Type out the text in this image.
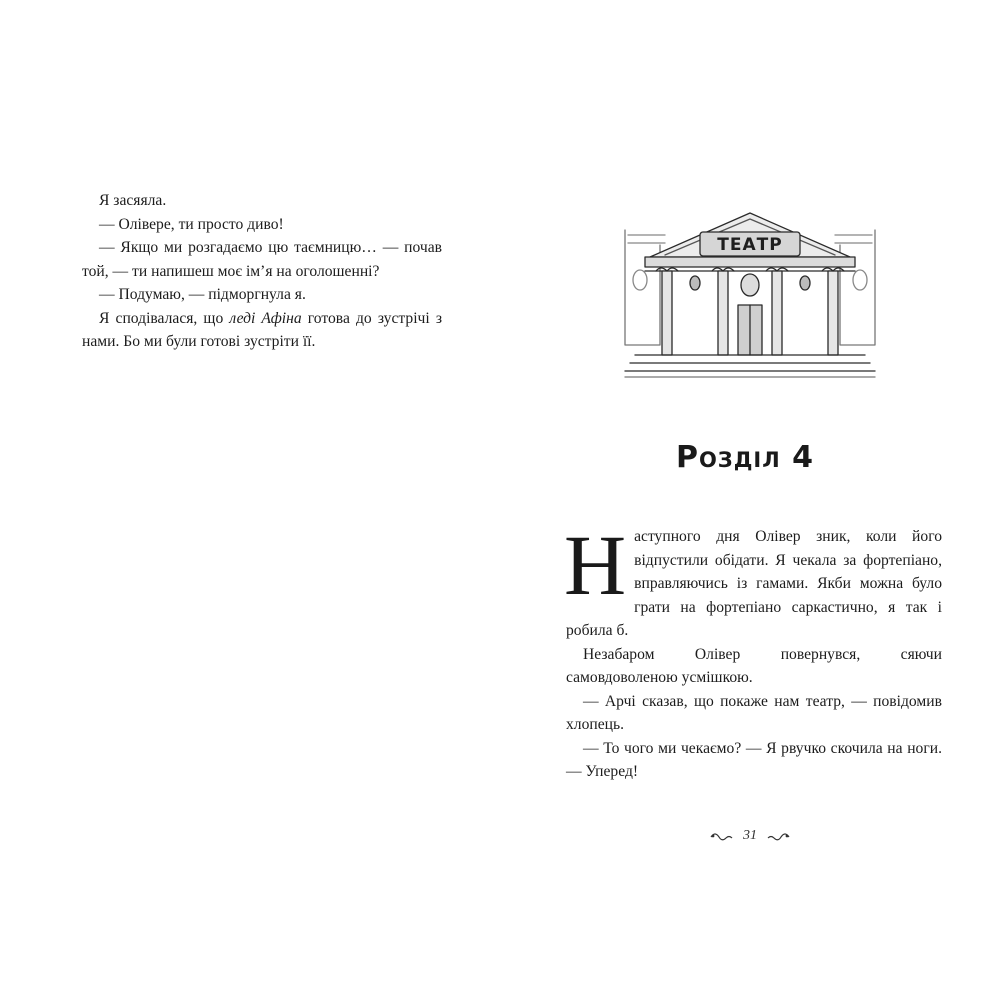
Я засяяла.

— Олівере, ти просто диво!

— Якщо ми розгадаємо цю таємницю… — почав той, — ти напишеш моє ім’я на оголошенні?

— Подумаю, — підморгнула я.

Я сподівалася, що леді Афіна готова до зустрічі з нами. Бо ми були готові зустріти її.

ТЕАТР
Розділ 4

Наступного дня Олівер зник, коли його відпустили обідати. Я чекала за фортепіано, вправляючись із гамами. Якби можна було грати на фортепіано саркастично, я так і робила б.

Незабаром Олівер повернувся, сяючи самовдоволеною усмішкою.

— Арчі сказав, що покаже нам театр, — повідомив хлопець.

— То чого ми чекаємо? — Я рвучко скочила на ноги. — Уперед!

31
